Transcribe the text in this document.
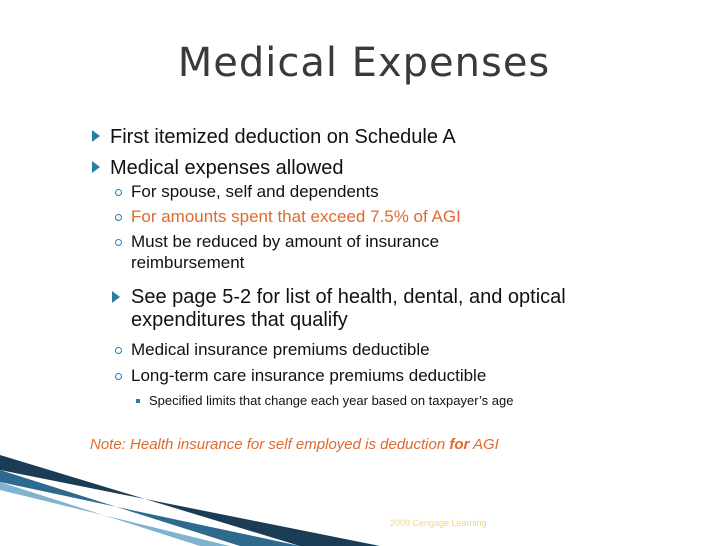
Medical Expenses
First itemized deduction on Schedule A
Medical expenses allowed
For spouse, self and dependents
For amounts spent that exceed 7.5% of AGI
Must be reduced by amount of insurance
reimbursement
See page 5-2 for list of health, dental, and optical
expenditures that qualify
Medical insurance premiums deductible
Long-term care insurance premiums deductible
Specified limits that change each year based on taxpayer’s age
Note: Health insurance for self employed is deduction for AGI
2009 Cengage Learning
